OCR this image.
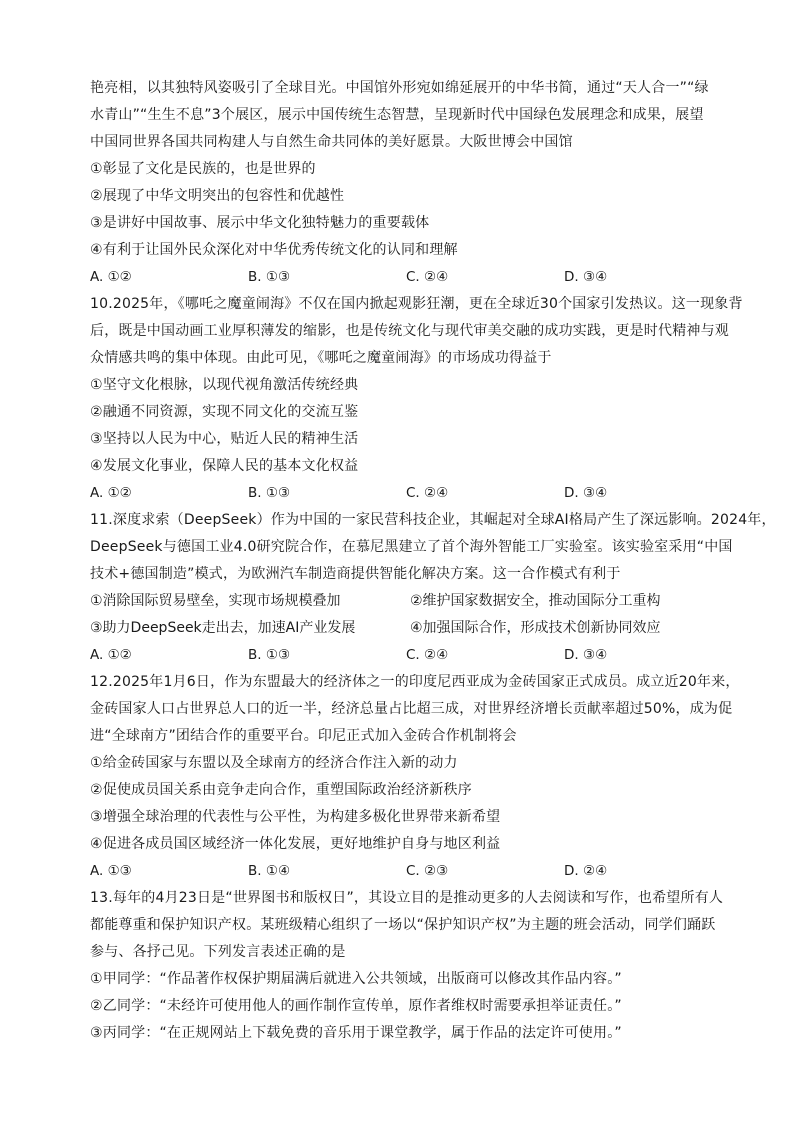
艳亮相，以其独特风姿吸引了全球目光。中国馆外形宛如绵延展开的中华书简，通过“天人合一”“绿
水青山”“生生不息”3个展区，展示中国传统生态智慧，呈现新时代中国绿色发展理念和成果，展望
中国同世界各国共同构建人与自然生命共同体的美好愿景。大阪世博会中国馆
①彰显了文化是民族的，也是世界的
②展现了中华文明突出的包容性和优越性
③是讲好中国故事、展示中华文化独特魅力的重要载体
④有利于让国外民众深化对中华优秀传统文化的认同和理解
A. ①②	B. ①③	C. ②④	D. ③④
10.2025年，《哪吒之魔童闹海》不仅在国内掀起观影狂潮，更在全球近30个国家引发热议。这一现象背
后，既是中国动画工业厚积薄发的缩影，也是传统文化与现代审美交融的成功实践，更是时代精神与观
众情感共鸣的集中体现。由此可见，《哪吒之魔童闹海》的市场成功得益于
①坚守文化根脉，以现代视角激活传统经典
②融通不同资源，实现不同文化的交流互鉴
③坚持以人民为中心，贴近人民的精神生活
④发展文化事业，保障人民的基本文化权益
A. ①②	B. ①③	C. ②④	D. ③④
11.深度求索（DeepSeek）作为中国的一家民营科技企业，其崛起对全球AI格局产生了深远影响。2024年，
DeepSeek与德国工业4.0研究院合作，在慕尼黑建立了首个海外智能工厂实验室。该实验室采用“中国
技术+德国制造”模式，为欧洲汽车制造商提供智能化解决方案。这一合作模式有利于
①消除国际贸易壁垒，实现市场规模叠加	②维护国家数据安全，推动国际分工重构
③助力DeepSeek走出去，加速AI产业发展	④加强国际合作，形成技术创新协同效应
A. ①②	B. ①③	C. ②④	D. ③④
12.2025年1月6日，作为东盟最大的经济体之一的印度尼西亚成为金砖国家正式成员。成立近20年来，
金砖国家人口占世界总人口的近一半，经济总量占比超三成，对世界经济增长贡献率超过50%，成为促
进“全球南方”团结合作的重要平台。印尼正式加入金砖合作机制将会
①给金砖国家与东盟以及全球南方的经济合作注入新的动力
②促使成员国关系由竞争走向合作，重塑国际政治经济新秩序
③增强全球治理的代表性与公平性，为构建多极化世界带来新希望
④促进各成员国区域经济一体化发展，更好地维护自身与地区利益
A. ①③	B. ①④	C. ②③	D. ②④
13.每年的4月23日是“世界图书和版权日”，其设立目的是推动更多的人去阅读和写作，也希望所有人
都能尊重和保护知识产权。某班级精心组织了一场以“保护知识产权”为主题的班会活动，同学们踊跃
参与、各抒己见。下列发言表述正确的是
①甲同学：“作品著作权保护期届满后就进入公共领域，出版商可以修改其作品内容。”
②乙同学：“未经许可使用他人的画作制作宣传单，原作者维权时需要承担举证责任。”
③丙同学：“在正规网站上下载免费的音乐用于课堂教学，属于作品的法定许可使用。”
